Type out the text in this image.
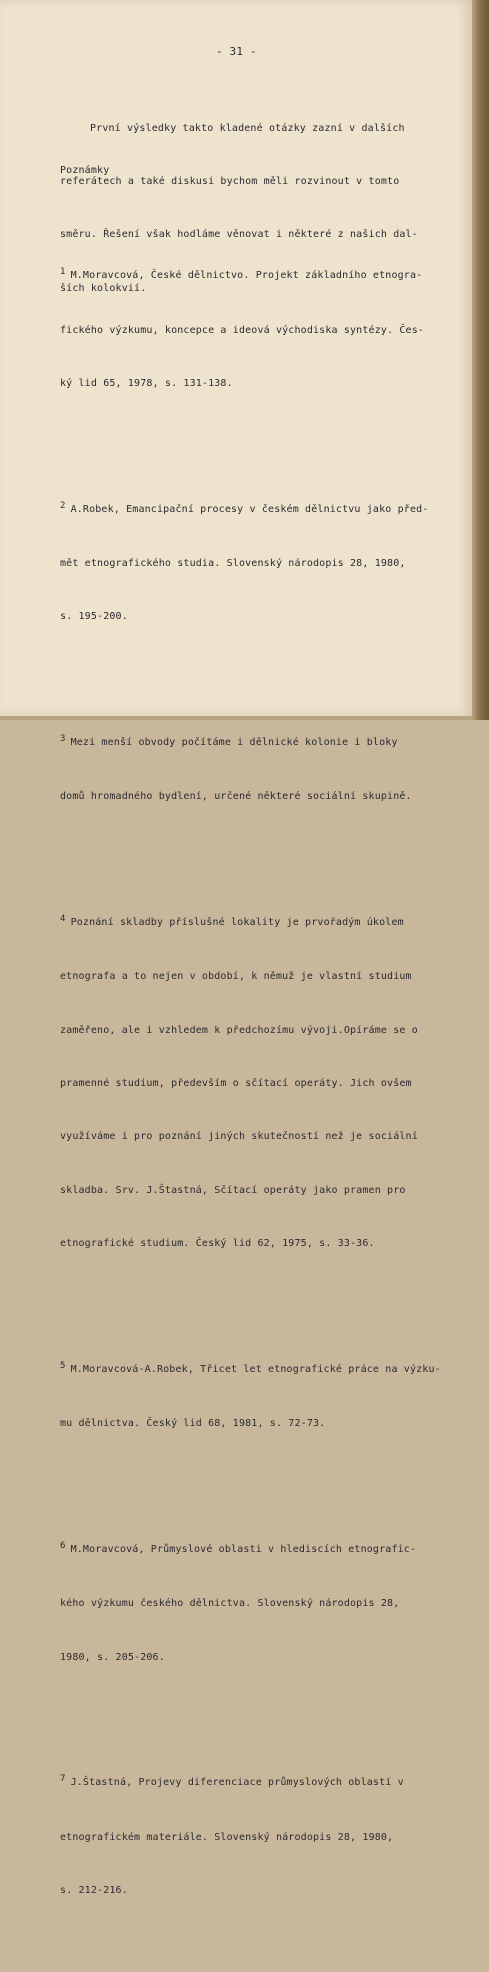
- 31 -

První výsledky takto kladené otázky zazní v dalších

referátech a také diskusi bychom měli rozvinout v tomto

směru. Řešení však hodláme věnovat i některé z našich dal-

ších kolokvií.

Poznámky

1 M.Moravcová, České dělnictvo. Projekt základního etnogra-

fického výzkumu, koncepce a ideová východiska syntézy. Čes-

ký lid 65, 1978, s. 131-138.

2 A.Robek, Emancipační procesy v českém dělnictvu jako před-

mět etnografického studia. Slovenský národopis 28, 1980,

s. 195-200.

3 Mezi menší obvody počítáme i dělnické kolonie i bloky

domů hromadného bydlení, určené některé sociální skupině.

4 Poznání skladby příslušné lokality je prvořadým úkolem

etnografa a to nejen v období, k němuž je vlastní studium

zaměřeno, ale i vzhledem k předchozímu vývoji.Opíráme se o

pramenné studium, především o sčítací operáty. Jich ovšem

využíváme i pro poznání jiných skutečností než je sociální

skladba. Srv. J.Štastná, Sčítací operáty jako pramen pro

etnografické studium. Český lid 62, 1975, s. 33-36.

5 M.Moravcová-A.Robek, Třicet let etnografické práce na výzku-

mu dělnictva. Český lid 68, 1981, s. 72-73.

6 M.Moravcová, Průmyslové oblasti v hlediscích etnografic-

kého výzkumu českého dělnictva. Slovenský národopis 28,

1980, s. 205-206.

7 J.Štastná, Projevy diferenciace průmyslových oblastí v

etnografickém materiále. Slovenský národopis 28, 1980,

s. 212-216.
